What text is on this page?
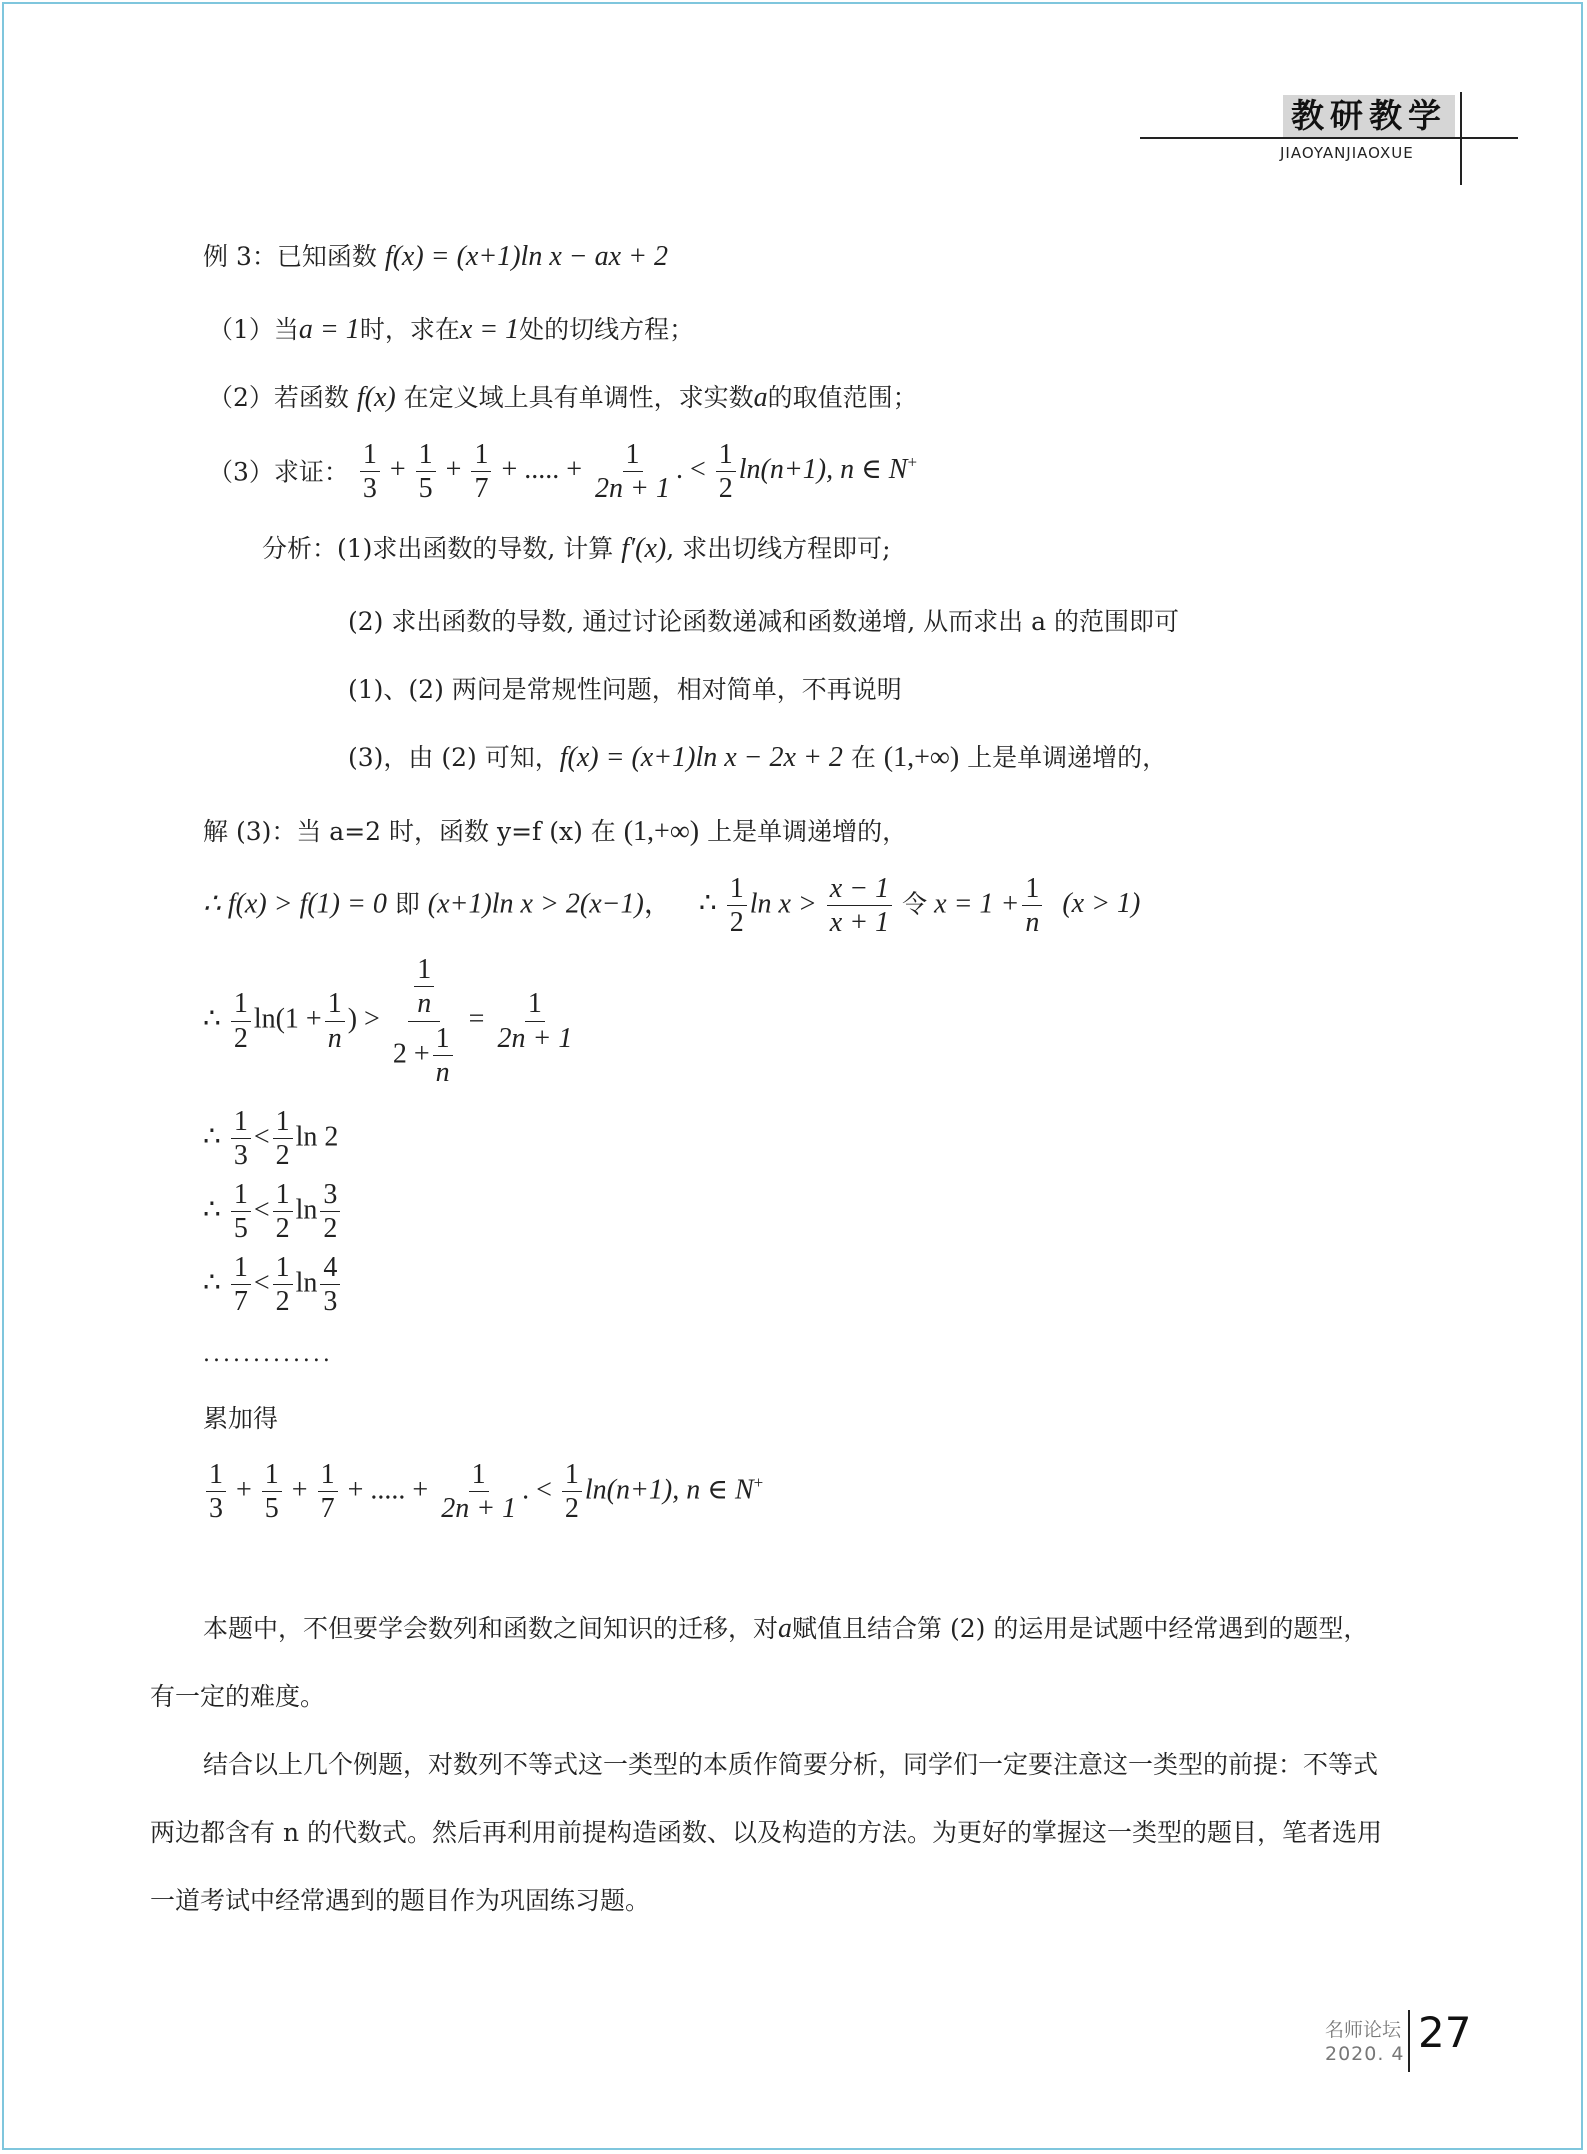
教研教学
JIAOYANJIAOXUE
例 3：已知函数 f(x) = (x+1)ln x − ax + 2
（1）当a = 1时，求在x = 1处的切线方程；
（2）若函数 f(x) 在定义域上具有单调性，求实数a的取值范围；
（3）求证： $\frac{1}{3} + \frac{1}{5} + \frac{1}{7}$ + ..... + $\frac{1}{2n + 1}$ . < $\frac{1}{2} \ln(n+1)$, n ∈ N+
分析：(1)求出函数的导数, 计算 f′(x), 求出切线方程即可;
(2) 求出函数的导数, 通过讨论函数递减和函数递增, 从而求出 a 的范围即可
(1)、(2) 两问是常规性问题，相对简单，不再说明
(3)，由 (2) 可知，f(x) = (x+1)ln x − 2x + 2 在 (1,+∞) 上是单调递增的，
解 (3)：当 a=2 时，函数 y=f (x) 在 (1,+∞) 上是单调递增的，
∴ f(x) > f(1) = 0 即 (x+1)ln x > 2(x−1)， ∴ $\frac{1}{2}$ $\ln x > \frac{x - 1}{x + 1}$ 令 $x = 1 + \frac{1}{n} (x > 1)$
∴ $\frac{1}{2} \ln(1 + \frac{1}{n}$ ) > $\frac{\frac{1}{n}}{2 + \frac{1}{n}} = \frac{1}{2n + 1}$
∴ $\frac{1}{3} < \frac{1}{2}$ ln 2
∴ $\frac{1}{5} < \frac{1}{2}$ $\ln \frac{3}{2}$
∴ $\frac{1}{7} < \frac{1}{2}$ $\ln \frac{4}{3}$
.............
累加得
$\frac{1}{3} + \frac{1}{5} + \frac{1}{7}$ + ..... + $\frac{1}{2n + 1}$ . < $\frac{1}{2} \ln(n+1)$, n ∈ N+
本题中，不但要学会数列和函数之间知识的迁移，对a赋值且结合第 (2) 的运用是试题中经常遇到的题型，
有一定的难度。
结合以上几个例题，对数列不等式这一类型的本质作简要分析，同学们一定要注意这一类型的前提：不等式
两边都含有 n 的代数式。然后再利用前提构造函数、以及构造的方法。为更好的掌握这一类型的题目，笔者选用
一道考试中经常遇到的题目作为巩固练习题。
名师论坛
2020. 4 27
